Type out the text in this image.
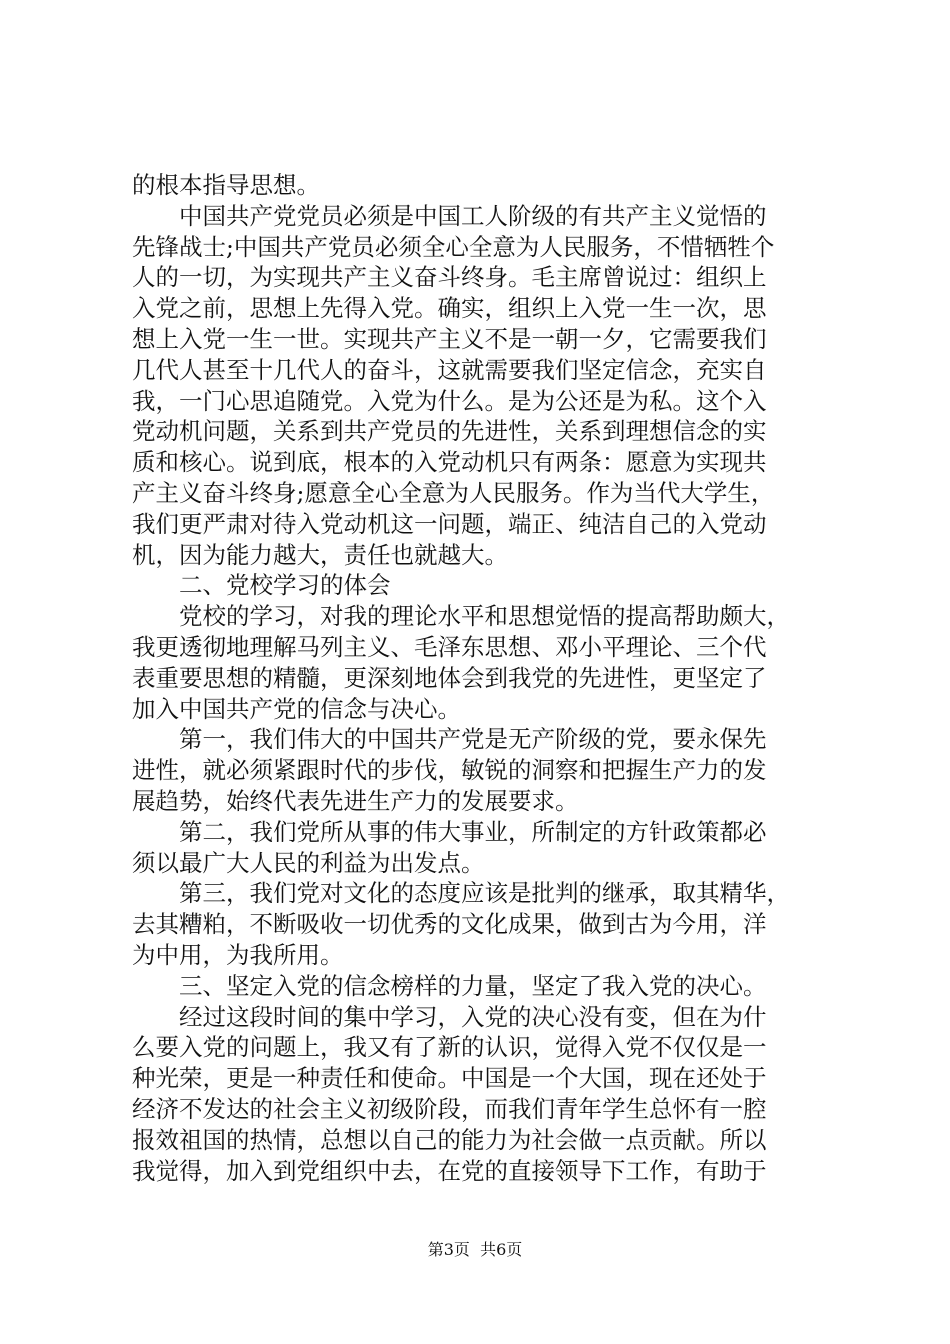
的根本指导思想。
中国共产党党员必须是中国工人阶级的有共产主义觉悟的
先锋战士;中国共产党员必须全心全意为人民服务，不惜牺牲个
人的一切，为实现共产主义奋斗终身。毛主席曾说过：组织上
入党之前，思想上先得入党。确实，组织上入党一生一次，思
想上入党一生一世。实现共产主义不是一朝一夕，它需要我们
几代人甚至十几代人的奋斗，这就需要我们坚定信念，充实自
我，一门心思追随党。入党为什么。是为公还是为私。这个入
党动机问题，关系到共产党员的先进性，关系到理想信念的实
质和核心。说到底，根本的入党动机只有两条：愿意为实现共
产主义奋斗终身;愿意全心全意为人民服务。作为当代大学生，
我们更严肃对待入党动机这一问题，端正、纯洁自己的入党动
机，因为能力越大，责任也就越大。
二、党校学习的体会
党校的学习，对我的理论水平和思想觉悟的提高帮助颇大，
我更透彻地理解马列主义、毛泽东思想、邓小平理论、三个代
表重要思想的精髓，更深刻地体会到我党的先进性，更坚定了
加入中国共产党的信念与决心。
第一，我们伟大的中国共产党是无产阶级的党，要永保先
进性，就必须紧跟时代的步伐，敏锐的洞察和把握生产力的发
展趋势，始终代表先进生产力的发展要求。
第二，我们党所从事的伟大事业，所制定的方针政策都必
须以最广大人民的利益为出发点。
第三，我们党对文化的态度应该是批判的继承，取其精华，
去其糟粕，不断吸收一切优秀的文化成果，做到古为今用，洋
为中用，为我所用。
三、坚定入党的信念榜样的力量，坚定了我入党的决心。
经过这段时间的集中学习，入党的决心没有变，但在为什
么要入党的问题上，我又有了新的认识，觉得入党不仅仅是一
种光荣，更是一种责任和使命。中国是一个大国，现在还处于
经济不发达的社会主义初级阶段，而我们青年学生总怀有一腔
报效祖国的热情，总想以自己的能力为社会做一点贡献。所以
我觉得，加入到党组织中去，在党的直接领导下工作，有助于
第3页  共6页
